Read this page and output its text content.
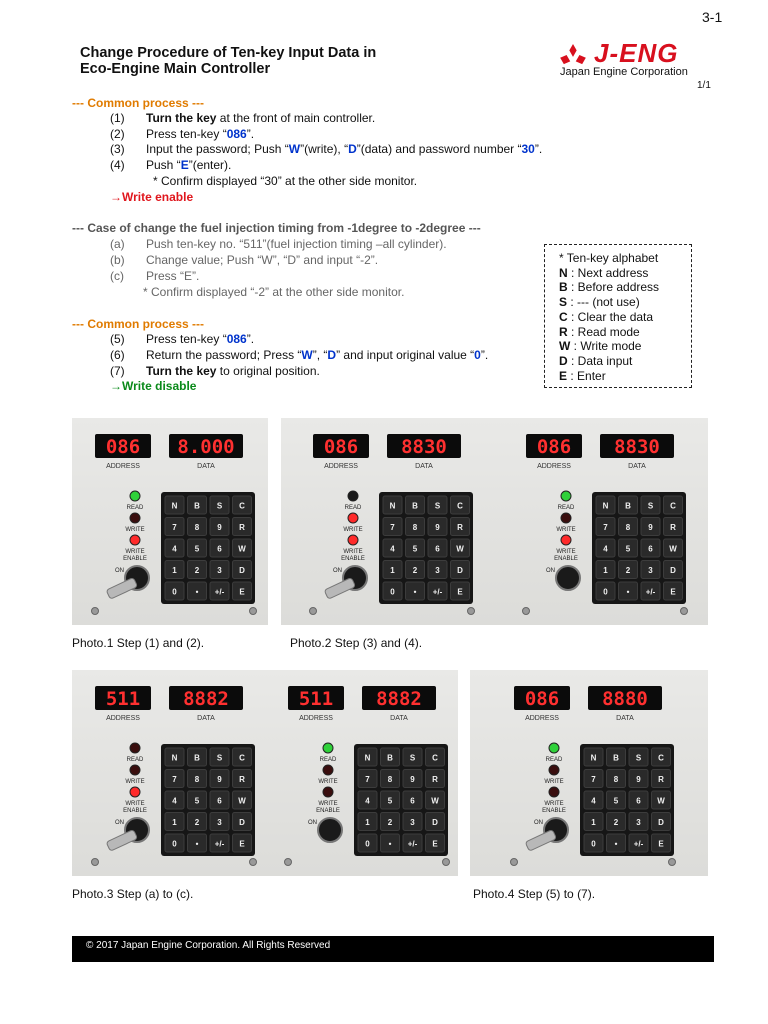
3-1
Change Procedure of Ten-key Input Data in
Eco-Engine Main Controller
J-ENG
Japan Engine Corporation
1/1
--- Common process ---
(1) Turn the key at the front of main controller.
(2) Press ten-key “086”.
(3) Input the password; Push “W”(write), “D”(data) and password number “30”.
(4) Push “E”(enter).
* Confirm displayed “30” at the other side monitor.
→Write enable
--- Case of change the fuel injection timing from -1degree to -2degree ---
(a) Push ten-key no. “511”(fuel injection timing –all cylinder).
(b) Change value; Push “W”, “D” and input “-2”.
(c) Press “E”.
* Confirm displayed “-2” at the other side monitor.
--- Common process ---
(5) Press ten-key “086”.
(6) Return the password; Press “W”, “D” and input original value “0”.
(7) Turn the key to original position.
→Write disable
* Ten-key alphabet
N : Next address
B : Before address
S : --- (not use)
C : Clear the data
R : Read mode
W : Write mode
D : Data input
E : Enter
086 8.000
ADDRESS	DATA
READ
WRITE
WRITE
ENABLE
ON
N B S C
7 8 9 R
4 5 6 W
1 2 3 D
0 • +/- E
086 8830
ADDRESS	DATA
READ
WRITE
WRITE
ENABLE
ON
N B S C
7 8 9 R
4 5 6 W
1 2 3 D
0 • +/- E
086 8830
ADDRESS	DATA
READ
WRITE
WRITE
ENABLE
ON
N B S C
7 8 9 R
4 5 6 W
1 2 3 D
0 • +/- E
511 8882
ADDRESS	DATA
READ
WRITE
WRITE
ENABLE
ON
N B S C
7 8 9 R
4 5 6 W
1 2 3 D
0 • +/- E
511 8882
ADDRESS	DATA
READ
WRITE
WRITE
ENABLE
ON
N B S C
7 8 9 R
4 5 6 W
1 2 3 D
0 • +/- E
086 8880
ADDRESS	DATA
READ
WRITE
WRITE
ENABLE
ON
N B S C
7 8 9 R
4 5 6 W
1 2 3 D
0 • +/- E
Photo.1 Step (1) and (2).	Photo.2 Step (3) and (4).
Photo.3 Step (a) to (c).	Photo.4 Step (5) to (7).
© 2017 Japan Engine Corporation. All Rights Reserved
